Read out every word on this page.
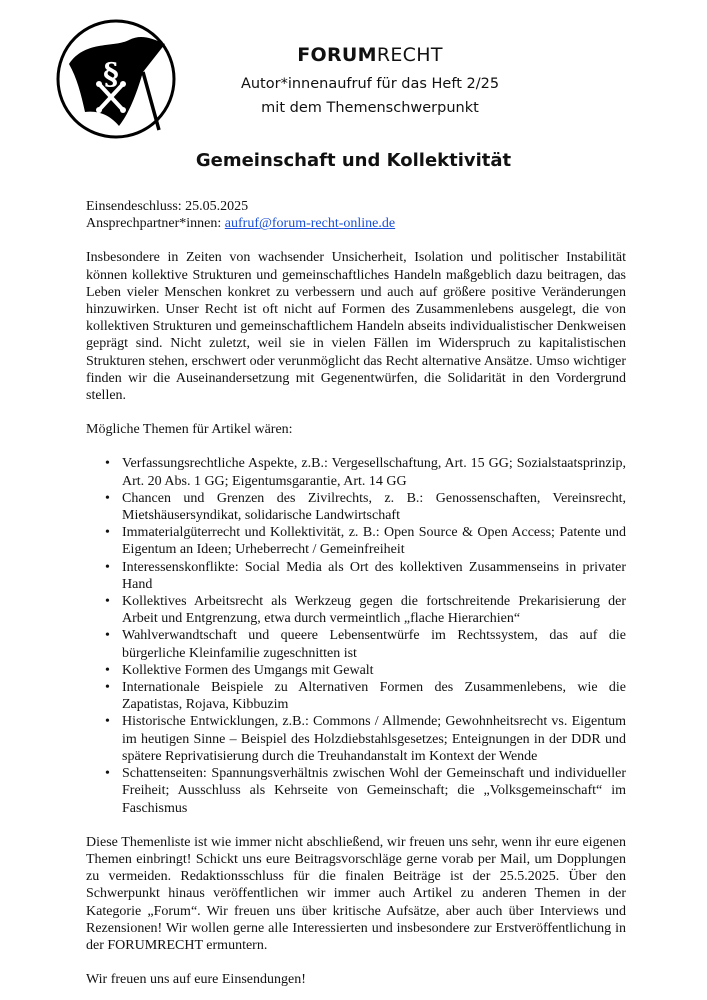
§
FORUMRECHT
Autor*innenaufruf für das Heft 2/25
mit dem Themenschwerpunkt
Gemeinschaft und Kollektivität

Einsendeschluss: 25.05.2025

Ansprechpartner*innen: aufruf@forum-recht-online.de

Insbesondere in Zeiten von wachsender Unsicherheit, Isolation und politischer Instabilität können kollektive Strukturen und gemeinschaftliches Handeln maßgeblich dazu beitragen, das Leben vieler Menschen konkret zu verbessern und auch auf größere positive Veränderungen hinzuwirken. Unser Recht ist oft nicht auf Formen des Zusammenlebens ausgelegt, die von kollektiven Strukturen und gemeinschaftlichem Handeln abseits individualistischer Denkweisen geprägt sind. Nicht zuletzt, weil sie in vielen Fällen im Widerspruch zu kapitalistischen Strukturen stehen, erschwert oder verunmöglicht das Recht alternative Ansätze. Umso wichtiger finden wir die Auseinandersetzung mit Gegenentwürfen, die Solidarität in den Vordergrund stellen.

Mögliche Themen für Artikel wären:

• Verfassungsrechtliche Aspekte, z.B.: Vergesellschaftung, Art. 15 GG; Sozialstaatsprinzip, Art. 20 Abs. 1 GG; Eigentumsgarantie, Art. 14 GG
• Chancen und Grenzen des Zivilrechts, z. B.: Genossenschaften, Vereinsrecht, Mietshäusersyndikat, solidarische Landwirtschaft
• Immaterialgüterrecht und Kollektivität, z. B.: Open Source & Open Access; Patente und Eigentum an Ideen; Urheberrecht / Gemeinfreiheit
• Interessenskonflikte: Social Media als Ort des kollektiven Zusammenseins in privater Hand
• Kollektives Arbeitsrecht als Werkzeug gegen die fortschreitende Prekarisierung der Arbeit und Entgrenzung, etwa durch vermeintlich „flache Hierarchien“
• Wahlverwandtschaft und queere Lebensentwürfe im Rechtssystem, das auf die bürgerliche Kleinfamilie zugeschnitten ist
• Kollektive Formen des Umgangs mit Gewalt
• Internationale Beispiele zu Alternativen Formen des Zusammenlebens, wie die Zapatistas, Rojava, Kibbuzim
• Historische Entwicklungen, z.B.: Commons / Allmende; Gewohnheitsrecht vs. Eigentum im heutigen Sinne – Beispiel des Holzdiebstahlsgesetzes; Enteignungen in der DDR und spätere Reprivatisierung durch die Treuhandanstalt im Kontext der Wende
• Schattenseiten: Spannungsverhältnis zwischen Wohl der Gemeinschaft und individueller Freiheit; Ausschluss als Kehrseite von Gemeinschaft; die „Volksgemeinschaft“ im Faschismus

Diese Themenliste ist wie immer nicht abschließend, wir freuen uns sehr, wenn ihr eure eigenen Themen einbringt! Schickt uns eure Beitragsvorschläge gerne vorab per Mail, um Dopplungen zu vermeiden. Redaktionsschluss für die finalen Beiträge ist der 25.5.2025. Über den Schwerpunkt hinaus veröffentlichen wir immer auch Artikel zu anderen Themen in der Kategorie „Forum“. Wir freuen uns über kritische Aufsätze, aber auch über Interviews und Rezensionen! Wir wollen gerne alle Interessierten und insbesondere zur Erstveröffentlichung in der FORUMRECHT ermuntern.

Wir freuen uns auf eure Einsendungen!
